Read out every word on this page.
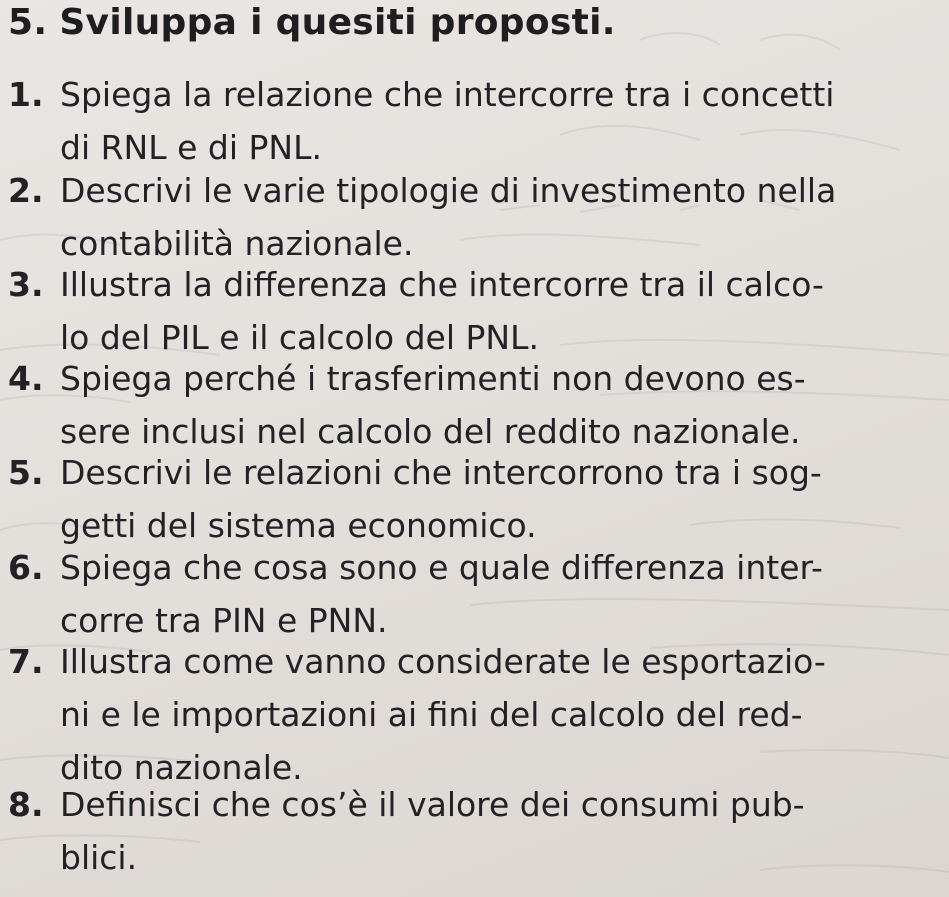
5. Sviluppa i quesiti proposti.
1. Spiega la relazione che intercorre tra i concetti
di RNL e di PNL.
2. Descrivi le varie tipologie di investimento nella
contabilità nazionale.
3. Illustra la differenza che intercorre tra il calco-
lo del PIL e il calcolo del PNL.
4. Spiega perché i trasferimenti non devono es-
sere inclusi nel calcolo del reddito nazionale.
5. Descrivi le relazioni che intercorrono tra i sog-
getti del sistema economico.
6. Spiega che cosa sono e quale differenza inter-
corre tra PIN e PNN.
7. Illustra come vanno considerate le esportazio-
ni e le importazioni ai fini del calcolo del red-
dito nazionale.
8. Definisci che cos’è il valore dei consumi pub-
blici.
